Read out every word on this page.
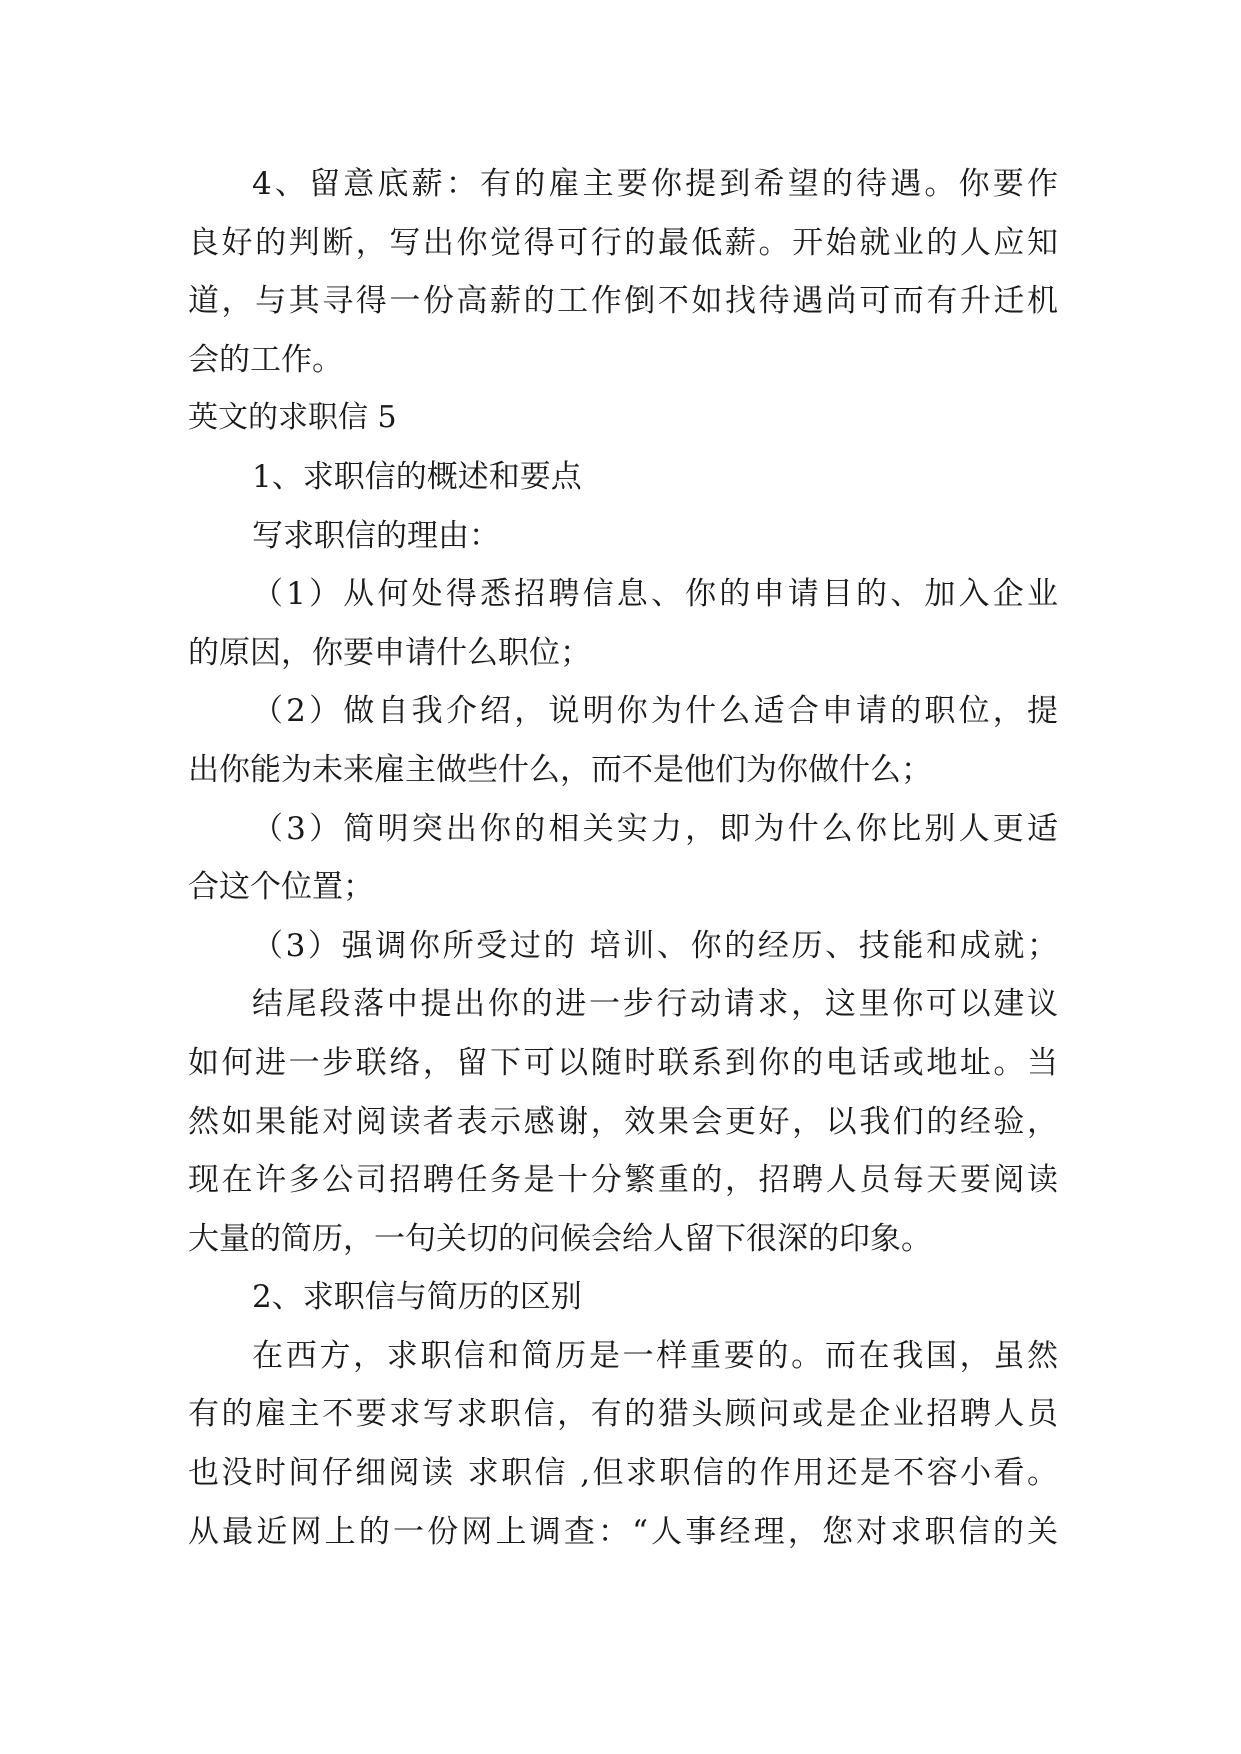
4、留意底薪：有的雇主要你提到希望的待遇。你要作
良好的判断，写出你觉得可行的最低薪。开始就业的人应知
道，与其寻得一份高薪的工作倒不如找待遇尚可而有升迁机
会的工作。
英文的求职信 5
1、求职信的概述和要点
写求职信的理由：
（1）从何处得悉招聘信息、你的申请目的、加入企业
的原因，你要申请什么职位；
（2）做自我介绍，说明你为什么适合申请的职位，提
出你能为未来雇主做些什么，而不是他们为你做什么；
（3）简明突出你的相关实力，即为什么你比别人更适
合这个位置；
（3）强调你所受过的 培训、你的经历、技能和成就；
结尾段落中提出你的进一步行动请求，这里你可以建议
如何进一步联络，留下可以随时联系到你的电话或地址。当
然如果能对阅读者表示感谢，效果会更好，以我们的经验，
现在许多公司招聘任务是十分繁重的，招聘人员每天要阅读
大量的简历，一句关切的问候会给人留下很深的印象。
2、求职信与简历的区别
在西方，求职信和简历是一样重要的。而在我国，虽然
有的雇主不要求写求职信，有的猎头顾问或是企业招聘人员
也没时间仔细阅读 求职信 ,但求职信的作用还是不容小看。
从最近网上的一份网上调查：“人事经理，您对求职信的关
